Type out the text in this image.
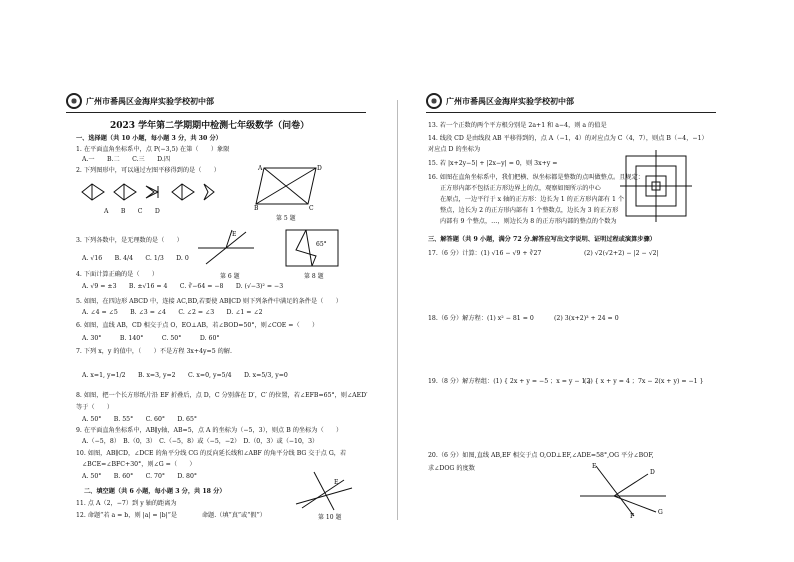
广州市番禺区金海岸实验学校初中部
2023 学年第二学期期中检测七年级数学（问卷）
一、选择题（共 10 小题，每小题 3 分，共 30 分）
1. 在平面直角坐标系中，点 P(−3,5) 在第（　　）象限
A.一　　B.二　　C.三　　D.四
2. 下列图形中，可以通过左图平移得到的是（　　）
A　　B　　C　　D
A	D
B	C
第 5 题
3. 下列各数中，是无理数的是（　　）
A. √16　　B. 4/4　　C. 1/3　　D. 0
4. 下面计算正确的是（　　）
A. √9 = ±3　　B. ±√16 = 4　　C. ∛−64 = −8　　D. (√−3)² = −3
E
第 6 题
65°
第 8 题
5. 如图，在四边形 ABCD 中，连接 AC,BD,若要使 AB∥CD 则下列条件中满足的条件是（　　）
A. ∠4 = ∠5　　B. ∠3 = ∠4　　C. ∠2 = ∠3　　D. ∠1 = ∠2
6. 如图，直线 AB，CD 相交于点 O，EO⊥AB，若∠BOD=50°，则∠COE =（　　）
A. 30°　　　B. 140°　　　C. 50°　　　D. 60°
7. 下列 x，y 的值中，（　　）不是方程 3x+4y=5 的解.
A. x=1, y=1/2　　B. x=3, y=2　　C. x=0, y=5/4　　D. x=5/3, y=0
8. 如图，把一个长方形纸片沿 EF 折叠后，点 D，C 分别落在 D′，C′ 的位置，若∠EFB=65°，则∠AED′
等于（　　）
A. 50°　　B. 55°　　C. 60°　　D. 65°
9. 在平面直角坐标系中，AB∥y轴，AB=5，点 A 的坐标为（−5，3），则点 B 的坐标为（　　）
A.（−5，8）　B.（0，3）　C.（−5，8）或（−5，−2）　D.（0，3）或（−10，3）
10. 如图，AB∥CD，∠DCE 的角平分线 CG 的反向延长线和∠ABF 的角平分线 BG 交于点 G，若
∠BCE=∠BFC+30°，则∠G =（　　）
A. 50°　　B. 60°　　C. 70°　　D. 80°
E
第 10 题
二、填空题（共 6 小题，每小题 3 分，共 18 分）
11. 点 A（2，−7）到 y 轴的距离为
12. 命题“若 a = b，则 |a| = |b|”是　　　　命题.（填“真”或“假”）
广州市番禺区金海岸实验学校初中部
13. 若一个正数的两个平方根分别是 2a+1 和 a−4，则 a 的值是
14. 线段 CD 是由线段 AB 平移得到的，点 A（−1，4）的对应点为 C（4，7），则点 B（−4，−1）
对应点 D 的坐标为
15. 若 |x+2y−5| + |2x−y| = 0，则 3x+y =
16. 如图在直角坐标系中，我们把横、纵坐标都是整数的点叫做整点。且规定：
正方形内部不包括正方形边界上的点，观察如图所示的中心
在原点，一边平行于 x 轴的正方形：边长为 1 的正方形内部有 1 个
整点，边长为 2 的正方形内部有 1 个整数点，边长为 3 的正方形
内部有 9 个整点，…，则边长为 8 的正方形内部的整点的个数为
三、解答题（共 9 小题，满分 72 分.解答应写出文字说明、证明过程或演算步骤）
17.（6 分）计算：(1) √16 − √9 + ∛27	(2) √2(√2+2) − |2 − √2|
18.（6 分）解方程：(1) x² − 81 = 0	(2) 3(x+2)³ + 24 = 0
19.（8 分）解方程组：(1) { 2x + y = −5 ；x = y − 1 }
(2) { x + y = 4 ；7x − 2(x + y) = −1 }
20.（6 分）如图,直线 AB,EF 相交于点 O,OD⊥EF,∠ADE=58°,OG 平分∠BOF,
求∠DOG 的度数	E
D
G
F
